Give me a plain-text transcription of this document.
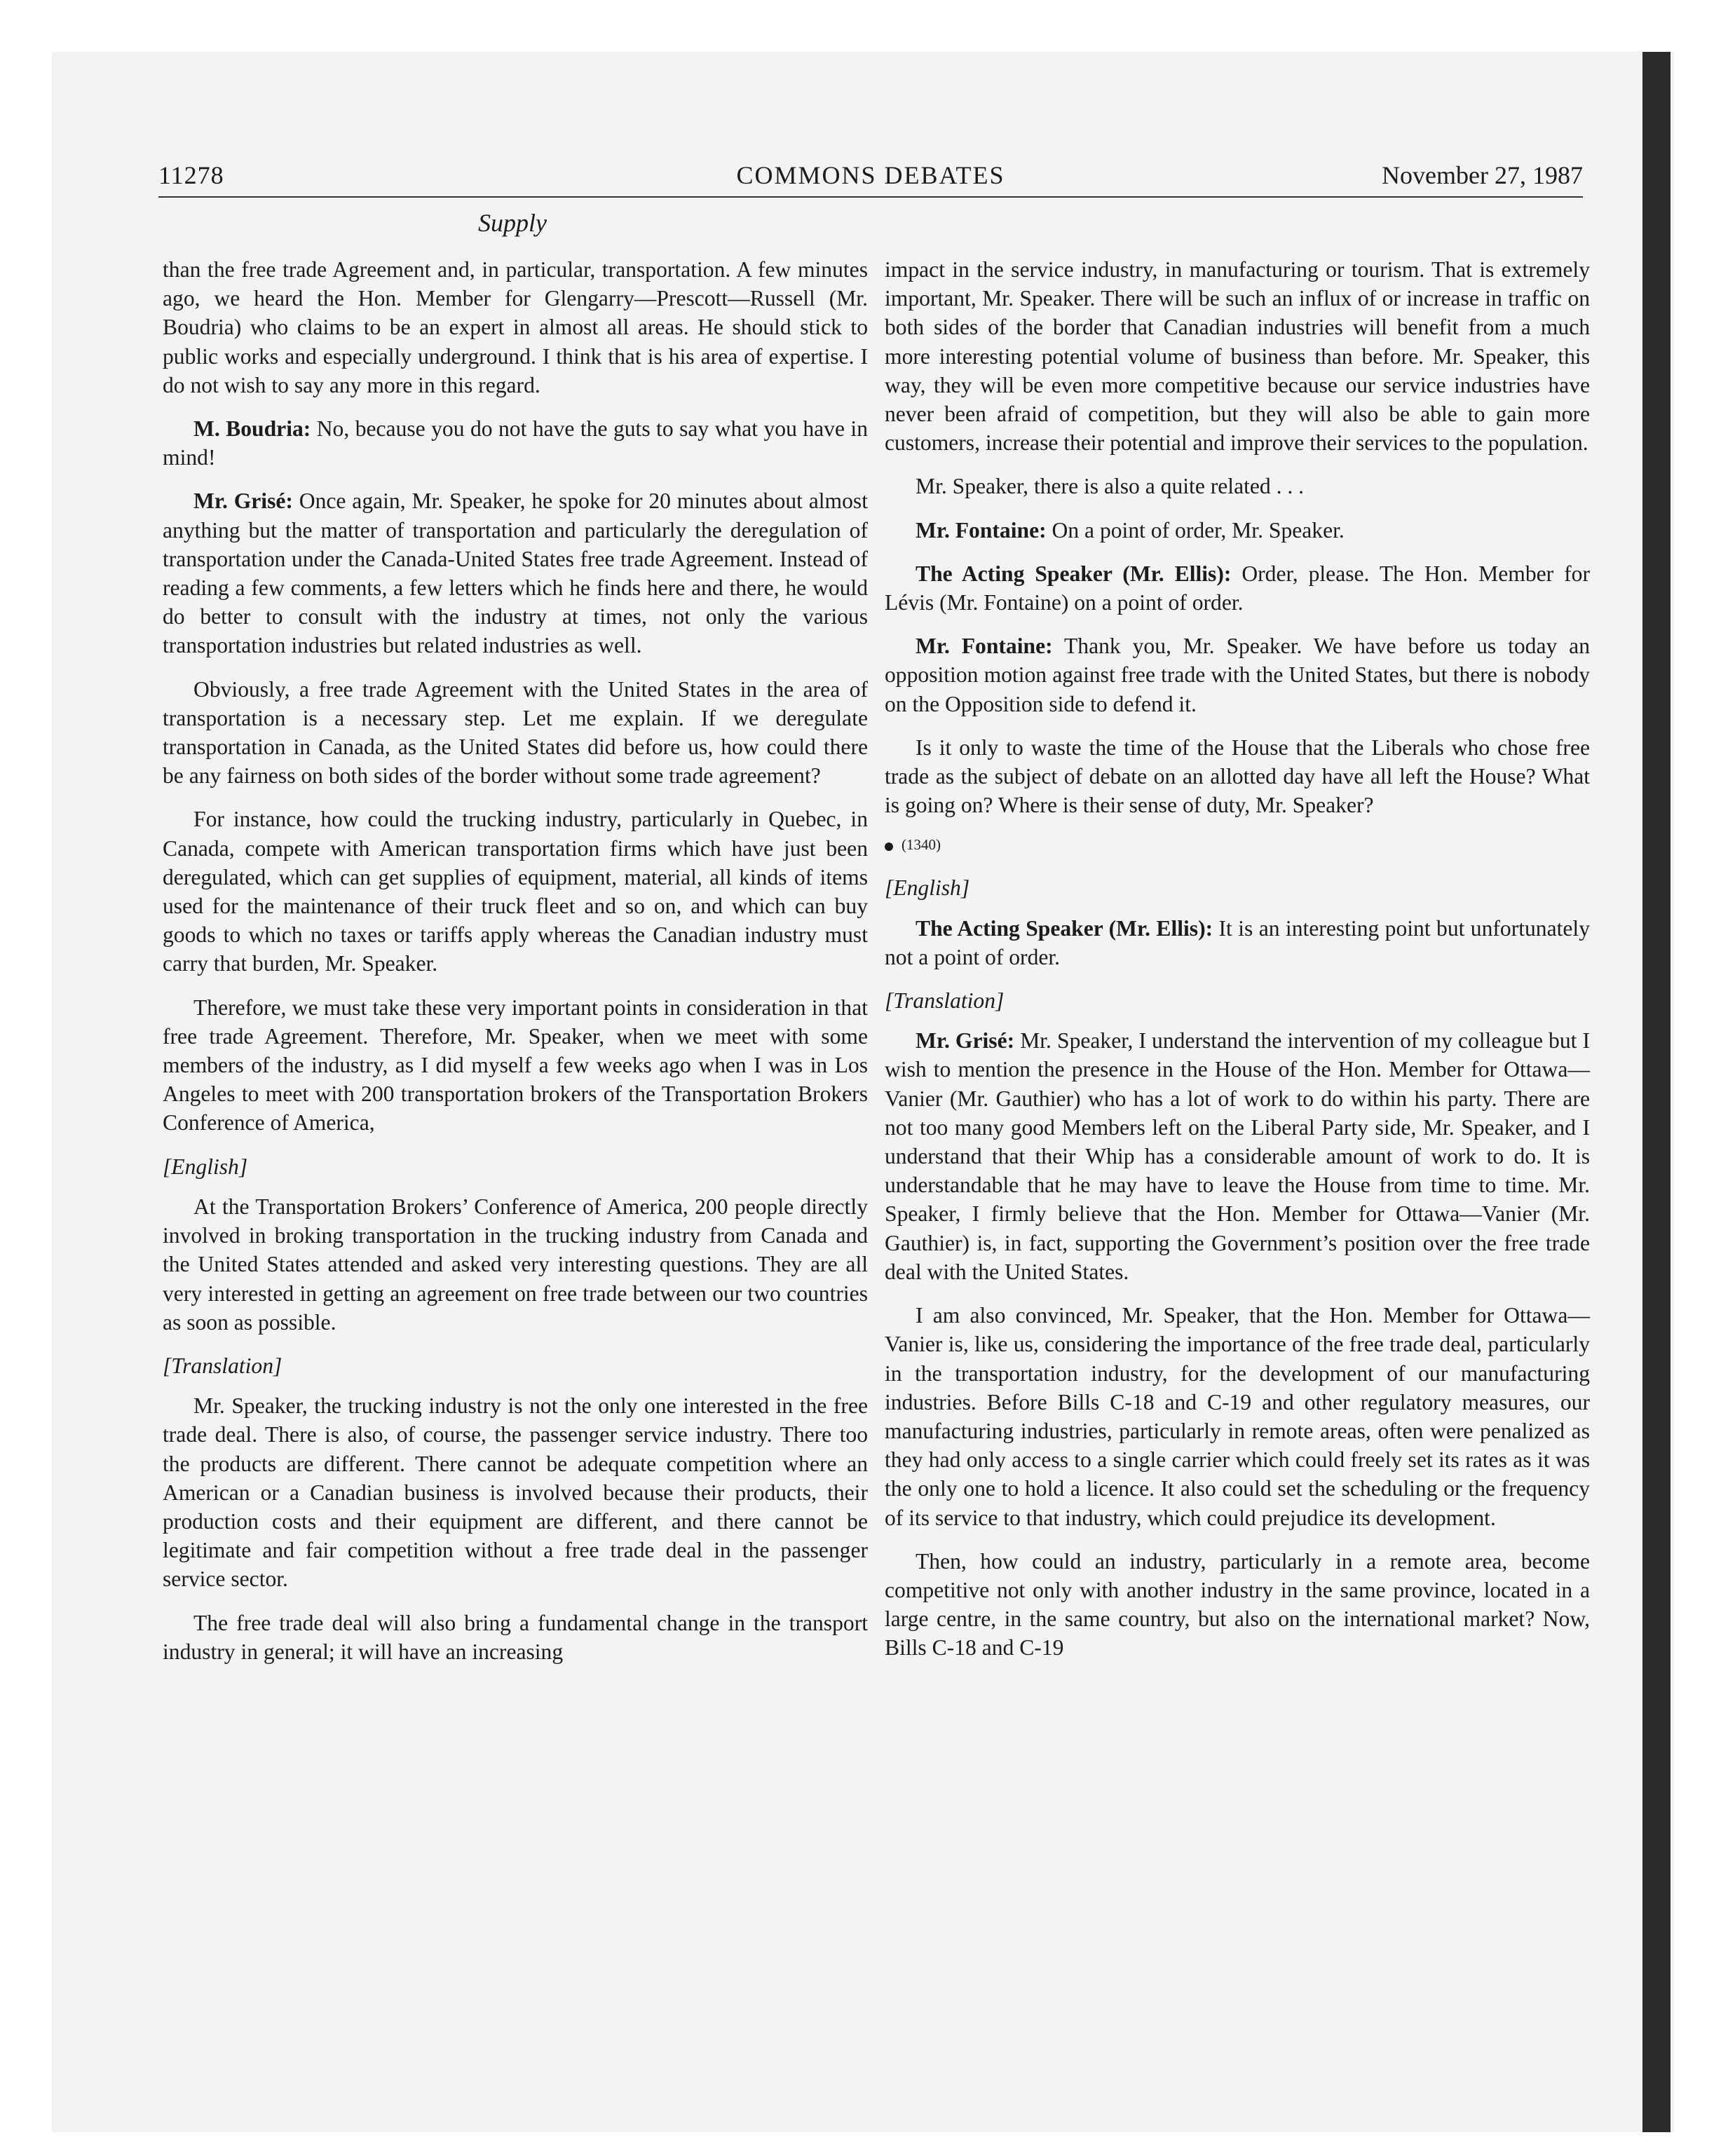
11278	COMMONS DEBATES	November 27, 1987
Supply

than the free trade Agreement and, in particular, transportation. A few minutes ago, we heard the Hon. Member for Glengarry—Prescott—Russell (Mr. Boudria) who claims to be an expert in almost all areas. He should stick to public works and especially underground. I think that is his area of expertise. I do not wish to say any more in this regard.

M. Boudria: No, because you do not have the guts to say what you have in mind!

Mr. Grisé: Once again, Mr. Speaker, he spoke for 20 minutes about almost anything but the matter of transportation and particularly the deregulation of transportation under the Canada-United States free trade Agreement. Instead of reading a few comments, a few letters which he finds here and there, he would do better to consult with the industry at times, not only the various transportation industries but related industries as well.

Obviously, a free trade Agreement with the United States in the area of transportation is a necessary step. Let me explain. If we deregulate transportation in Canada, as the United States did before us, how could there be any fairness on both sides of the border without some trade agreement?

For instance, how could the trucking industry, particularly in Quebec, in Canada, compete with American transportation firms which have just been deregulated, which can get supplies of equipment, material, all kinds of items used for the maintenance of their truck fleet and so on, and which can buy goods to which no taxes or tariffs apply whereas the Canadian industry must carry that burden, Mr. Speaker.

Therefore, we must take these very important points in consideration in that free trade Agreement. Therefore, Mr. Speaker, when we meet with some members of the industry, as I did myself a few weeks ago when I was in Los Angeles to meet with 200 transportation brokers of the Transportation Brokers Conference of America,

[English]

At the Transportation Brokers’ Conference of America, 200 people directly involved in broking transportation in the trucking industry from Canada and the United States attended and asked very interesting questions. They are all very interested in getting an agreement on free trade between our two countries as soon as possible.

[Translation]

Mr. Speaker, the trucking industry is not the only one interested in the free trade deal. There is also, of course, the passenger service industry. There too the products are different. There cannot be adequate competition where an American or a Canadian business is involved because their products, their production costs and their equipment are different, and there cannot be legitimate and fair competition without a free trade deal in the passenger service sector.

The free trade deal will also bring a fundamental change in the transport industry in general; it will have an increasing

impact in the service industry, in manufacturing or tourism. That is extremely important, Mr. Speaker. There will be such an influx of or increase in traffic on both sides of the border that Canadian industries will benefit from a much more interesting potential volume of business than before. Mr. Speaker, this way, they will be even more competitive because our service industries have never been afraid of competition, but they will also be able to gain more customers, increase their potential and improve their services to the population.

Mr. Speaker, there is also a quite related . . .

Mr. Fontaine: On a point of order, Mr. Speaker.

The Acting Speaker (Mr. Ellis): Order, please. The Hon. Member for Lévis (Mr. Fontaine) on a point of order.

Mr. Fontaine: Thank you, Mr. Speaker. We have before us today an opposition motion against free trade with the United States, but there is nobody on the Opposition side to defend it.

Is it only to waste the time of the House that the Liberals who chose free trade as the subject of debate on an allotted day have all left the House? What is going on? Where is their sense of duty, Mr. Speaker?

(1340)

[English]

The Acting Speaker (Mr. Ellis): It is an interesting point but unfortunately not a point of order.

[Translation]

Mr. Grisé: Mr. Speaker, I understand the intervention of my colleague but I wish to mention the presence in the House of the Hon. Member for Ottawa—Vanier (Mr. Gauthier) who has a lot of work to do within his party. There are not too many good Members left on the Liberal Party side, Mr. Speaker, and I understand that their Whip has a considerable amount of work to do. It is understandable that he may have to leave the House from time to time. Mr. Speaker, I firmly believe that the Hon. Member for Ottawa—Vanier (Mr. Gauthier) is, in fact, supporting the Government’s position over the free trade deal with the United States.

I am also convinced, Mr. Speaker, that the Hon. Member for Ottawa—Vanier is, like us, considering the importance of the free trade deal, particularly in the transportation industry, for the development of our manufacturing industries. Before Bills C-18 and C-19 and other regulatory measures, our manufacturing industries, particularly in remote areas, often were penalized as they had only access to a single carrier which could freely set its rates as it was the only one to hold a licence. It also could set the scheduling or the frequency of its service to that industry, which could prejudice its development.

Then, how could an industry, particularly in a remote area, become competitive not only with another industry in the same province, located in a large centre, in the same country, but also on the international market? Now, Bills C-18 and C-19
